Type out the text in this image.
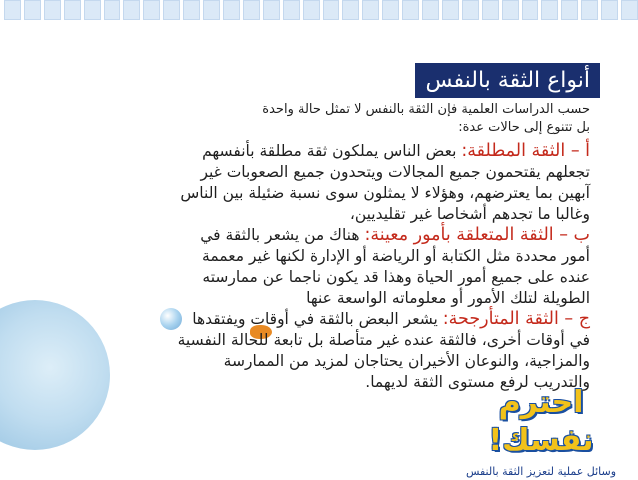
أنواع الثقة بالنفس
حسب الدراسات العلمية فإن الثقة بالنفس لا تمثل حالة واحدة
بل تتنوع إلى حالات عدة:
أ – الثقة المطلقة: بعض الناس يملكون ثقة مطلقة بأنفسهم
تجعلهم يقتحمون جميع المجالات ويتحدون جميع الصعوبات غير
آبهين بما يعترضهم، وهؤلاء لا يمثلون سوى نسبة ضئيلة بين الناس
وغالبا ما تجدهم أشخاصا غير تقليديين،
ب – الثقة المتعلقة بأمور معينة: هناك من يشعر بالثقة في
أمور محددة مثل الكتابة أو الرياضة أو الإدارة لكنها غير معممة
عنده على جميع أمور الحياة وهذا قد يكون ناجما عن ممارسته
الطويلة لتلك الأمور أو معلوماته الواسعة عنها
ج – الثقة المتأرجحة: يشعر البعض بالثقة في أوقات ويفتقدها
في أوقات أخرى، فالثقة عنده غير متأصلة بل تابعة للحالة النفسية
والمزاجية، والنوعان الأخيران يحتاجان لمزيد من الممارسة
والتدريب لرفع مستوى الثقة لديهما.
احترم نفسك!
وسائل عملية لتعزيز الثقة بالنفس
